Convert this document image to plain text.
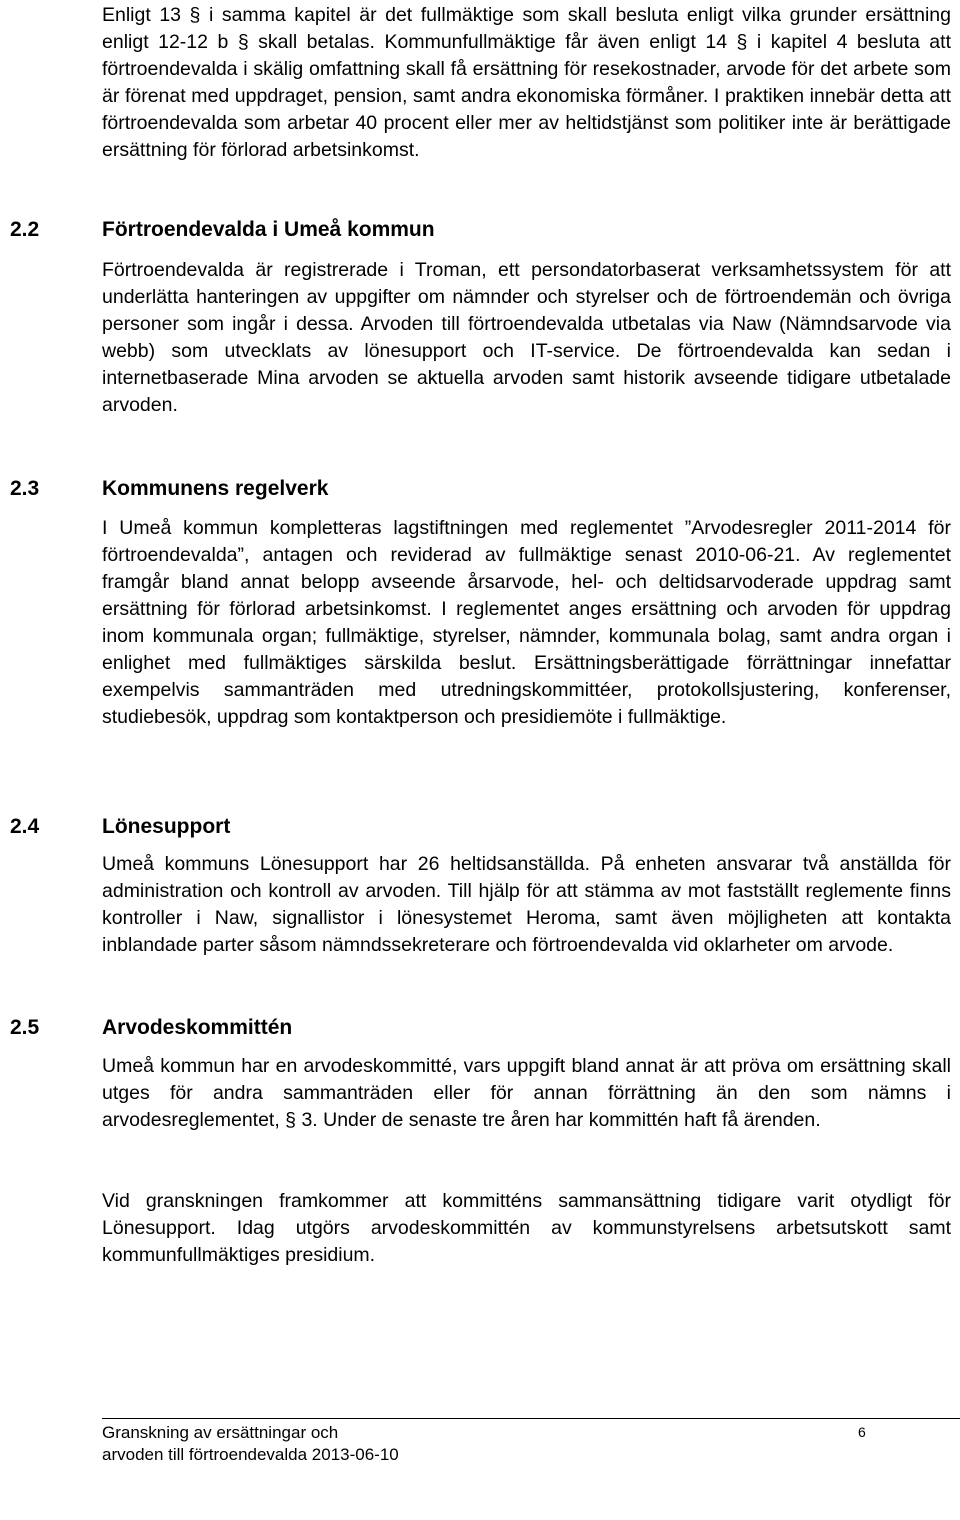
Enligt 13 § i samma kapitel är det fullmäktige som skall besluta enligt vilka grunder ersättning enligt 12-12 b § skall betalas. Kommunfullmäktige får även enligt 14 § i kapitel 4 besluta att förtroendevalda i skälig omfattning skall få ersättning för resekostnader, arvode för det arbete som är förenat med uppdraget, pension, samt andra ekonomiska förmåner. I praktiken innebär detta att förtroendevalda som arbetar 40 procent eller mer av heltidstjänst som politiker inte är berättigade ersättning för förlorad arbetsinkomst.

2.2	Förtroendevalda i Umeå kommun

Förtroendevalda är registrerade i Troman, ett persondatorbaserat verksamhetssystem för att underlätta hanteringen av uppgifter om nämnder och styrelser och de förtroendemän och övriga personer som ingår i dessa. Arvoden till förtroendevalda utbetalas via Naw (Nämndsarvode via webb) som utvecklats av lönesupport och IT-service. De förtroendevalda kan sedan i internetbaserade Mina arvoden se aktuella arvoden samt historik avseende tidigare utbetalade arvoden.

2.3	Kommunens regelverk

I Umeå kommun kompletteras lagstiftningen med reglementet ”Arvodesregler 2011-2014 för förtroendevalda”, antagen och reviderad av fullmäktige senast 2010-06-21. Av reglementet framgår bland annat belopp avseende årsarvode, hel- och deltidsarvoderade uppdrag samt ersättning för förlorad arbetsinkomst. I reglementet anges ersättning och arvoden för uppdrag inom kommunala organ; fullmäktige, styrelser, nämnder, kommunala bolag, samt andra organ i enlighet med fullmäktiges särskilda beslut. Ersättningsberättigade förrättningar innefattar exempelvis sammanträden med utredningskommittéer, protokollsjustering, konferenser, studiebesök, uppdrag som kontaktperson och presidiemöte i fullmäktige.

2.4	Lönesupport

Umeå kommuns Lönesupport har 26 heltidsanställda. På enheten ansvarar två anställda för administration och kontroll av arvoden. Till hjälp för att stämma av mot fastställt reglemente finns kontroller i Naw, signallistor i lönesystemet Heroma, samt även möjligheten att kontakta inblandade parter såsom nämndssekreterare och förtroendevalda vid oklarheter om arvode.

2.5	Arvodeskommittén

Umeå kommun har en arvodeskommitté, vars uppgift bland annat är att pröva om ersättning skall utges för andra sammanträden eller för annan förrättning än den som nämns i arvodesreglementet, § 3. Under de senaste tre åren har kommittén haft få ärenden.

Vid granskningen framkommer att kommitténs sammansättning tidigare varit otydligt för Lönesupport. Idag utgörs arvodeskommittén av kommunstyrelsens arbetsutskott samt kommunfullmäktiges presidium.

Granskning av ersättningar och arvoden till förtroendevalda 2013-06-10

6
